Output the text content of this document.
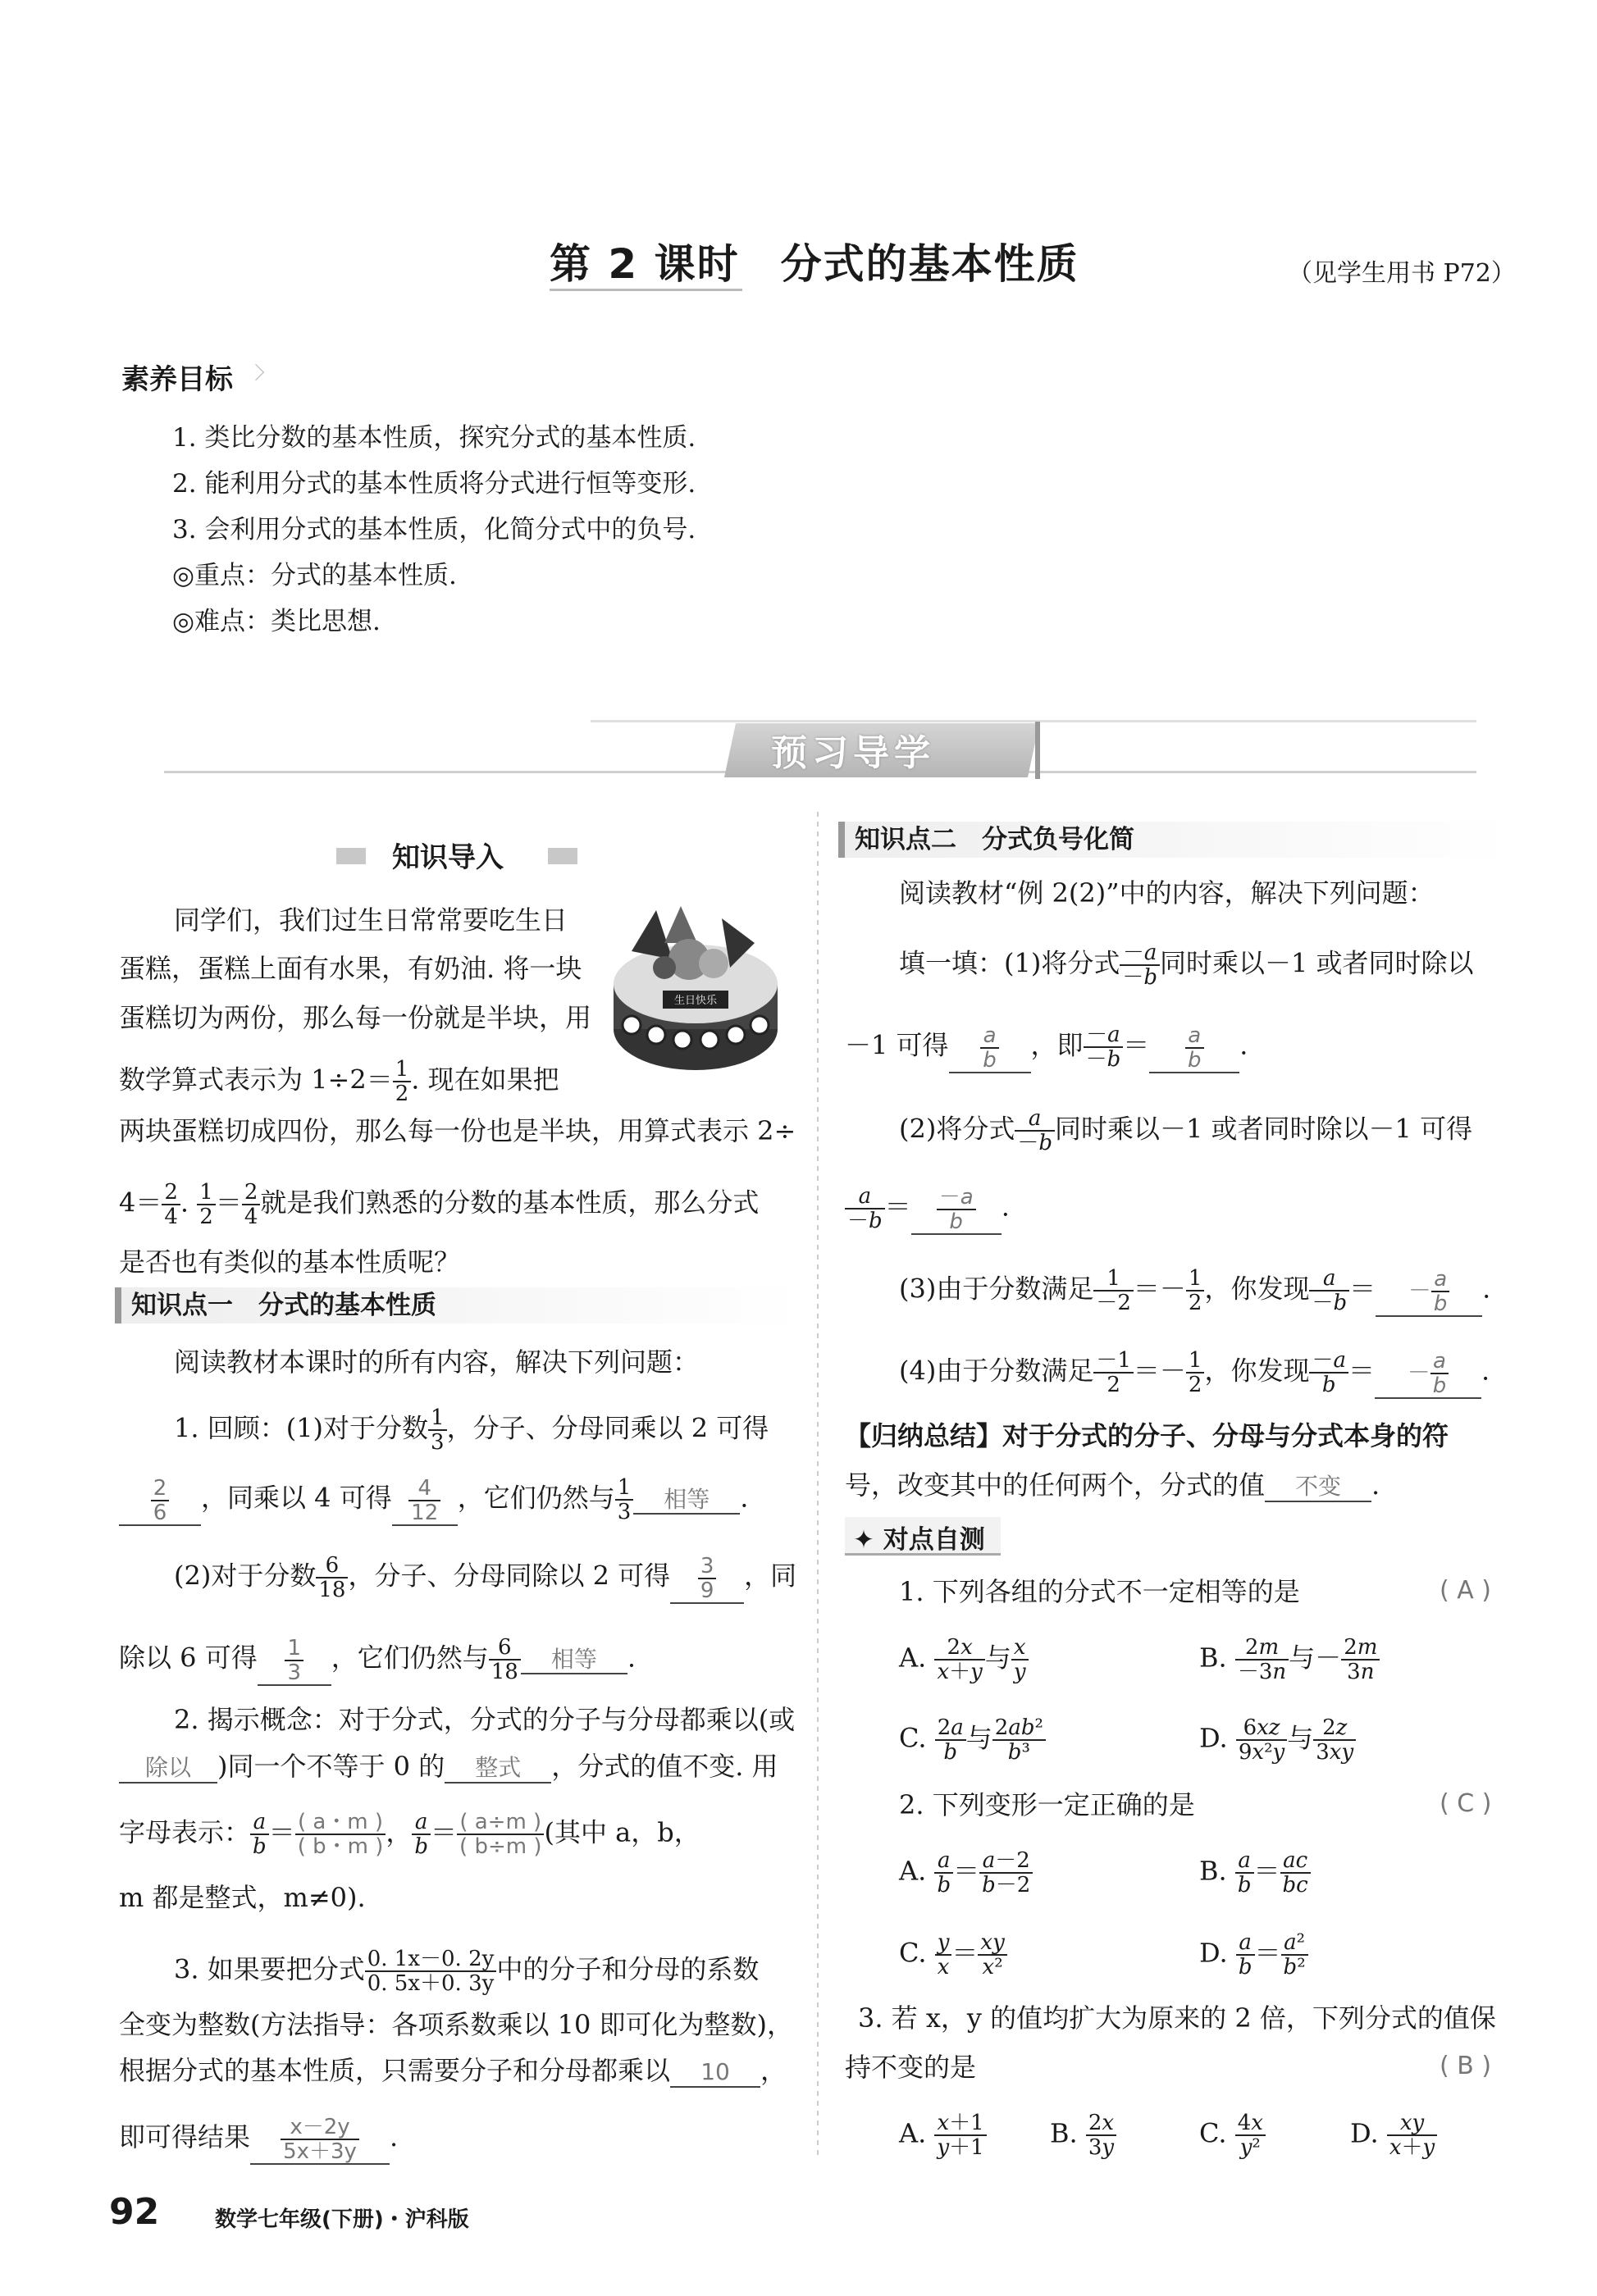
第 2 课时 分式的基本性质	（见学生用书 P72）
素养目标
1. 类比分数的基本性质，探究分式的基本性质.
2. 能利用分式的基本性质将分式进行恒等变形.
3. 会利用分式的基本性质，化简分式中的负号.
◎重点：分式的基本性质.
◎难点：类比思想.
预习导学
知识导入
同学们，我们过生日常常要吃生日
蛋糕，蛋糕上面有水果，有奶油. 将一块
蛋糕切为两份，那么每一份就是半块，用
数学算式表示为 $1\div 2= \frac{1}{2}$ . 现在如果把
两块蛋糕切成四份，那么每一份也是半块，用算式表示 2÷
$4= \frac{2}{4}$ . $\frac{1}{2} = \frac{2}{4}$ 就是我们熟悉的分数的基本性质，那么分式
是否也有类似的基本性质呢？
生日快乐
知识点一　分式的基本性质
阅读教材本课时的所有内容，解决下列问题：
1. 回顾：(1)对于分数 $\frac{1}{3}$ ，分子、分母同乘以 2 可得
$\frac{2}{6}$ ，同乘以 4 可得 $\frac{4}{12}$ ，它们仍然与 $\frac{1}{3}$ 相等 .
(2)对于分数 $\frac{6}{18}$ ，分子、分母同除以 2 可得 $\frac{3}{9}$ ，同
除以 6 可得 $\frac{1}{3}$ ，它们仍然与 $\frac{6}{18}$ 相等 .
2. 揭示概念：对于分式，分式的分子与分母都乘以(或
除以 )同一个不等于 0 的 整式 ，分式的值不变. 用
字母表示： $\frac{a}{b} = \frac{( a・m )}{( b・m )}$ ， $\frac{a}{b} = \frac{( a\div m )}{( b\div m )}$ (其中 a，b，
m 都是整式，m≠0).
3. 如果要把分式 $\frac{0. 1x-0. 2y}{0. 5x+0. 3y}$ 中的分子和分母的系数
全变为整数(方法指导：各项系数乘以 10 即可化为整数)，
根据分式的基本性质，只需要分子和分母都乘以 10 ，
即可得结果 $\frac{x-2y}{5x+3y}$ .
知识点二　分式负号化简
阅读教材“例 2(2)”中的内容，解决下列问题：
填一填：(1)将分式 $\frac{-a}{-b}$ 同时乘以－1 或者同时除以
－1 可得 $\frac{a}{b}$ ，即 $\frac{-a}{-b} = \frac{a}{b}$ .
(2)将分式 $\frac{a}{-b}$ 同时乘以－1 或者同时除以－1 可得
$\frac{a}{-b} = \frac{-a}{b}$ .
(3)由于分数满足 $\frac{1}{-2} =- \frac{1}{2}$ ，你发现 $\frac{a}{-b}$ ＝ － $\frac{a}{b}$ .
(4)由于分数满足 $\frac{-1}{2} =- \frac{1}{2}$ ，你发现 $\frac{-a}{b}$ ＝ － $\frac{a}{b}$ .
【归纳总结】对于分式的分子、分母与分式本身的符
号，改变其中的任何两个，分式的值 不变 .
✦ 对点自测
1. 下列各组的分式不一定相等的是	( A )
A. $\frac{2x}{x+y}$ 与 $\frac{x}{y}$	B. $\frac{2m}{-3n}$ 与－ $\frac{2m}{3n}$
C. $\frac{2a}{b}$ 与 $\frac{\text{2ab²}}{\text{b³}}$	D. $\frac{6xz}{\text{9x²y}}$ 与 $\frac{2z}{3xy}$
2. 下列变形一定正确的是	( C )
A. $\frac{a}{b} = \frac{a-2}{b-2}$	B. $\frac{a}{b} = \frac{ac}{bc}$
C. $\frac{y}{x} = \frac{xy}{\text{x²}}$	D. $\frac{a}{b} = \frac{\text{a²}}{\text{b²}}$
3. 若 x，y 的值均扩大为原来的 2 倍，下列分式的值保
持不变的是	( B )
A. $\frac{x+1}{y+1} B$. $\frac{2x}{3y}$	C. $\frac{4x}{\text{y²}}$	D. $\frac{xy}{x+y}$
92	数学七年级(下册)・沪科版
